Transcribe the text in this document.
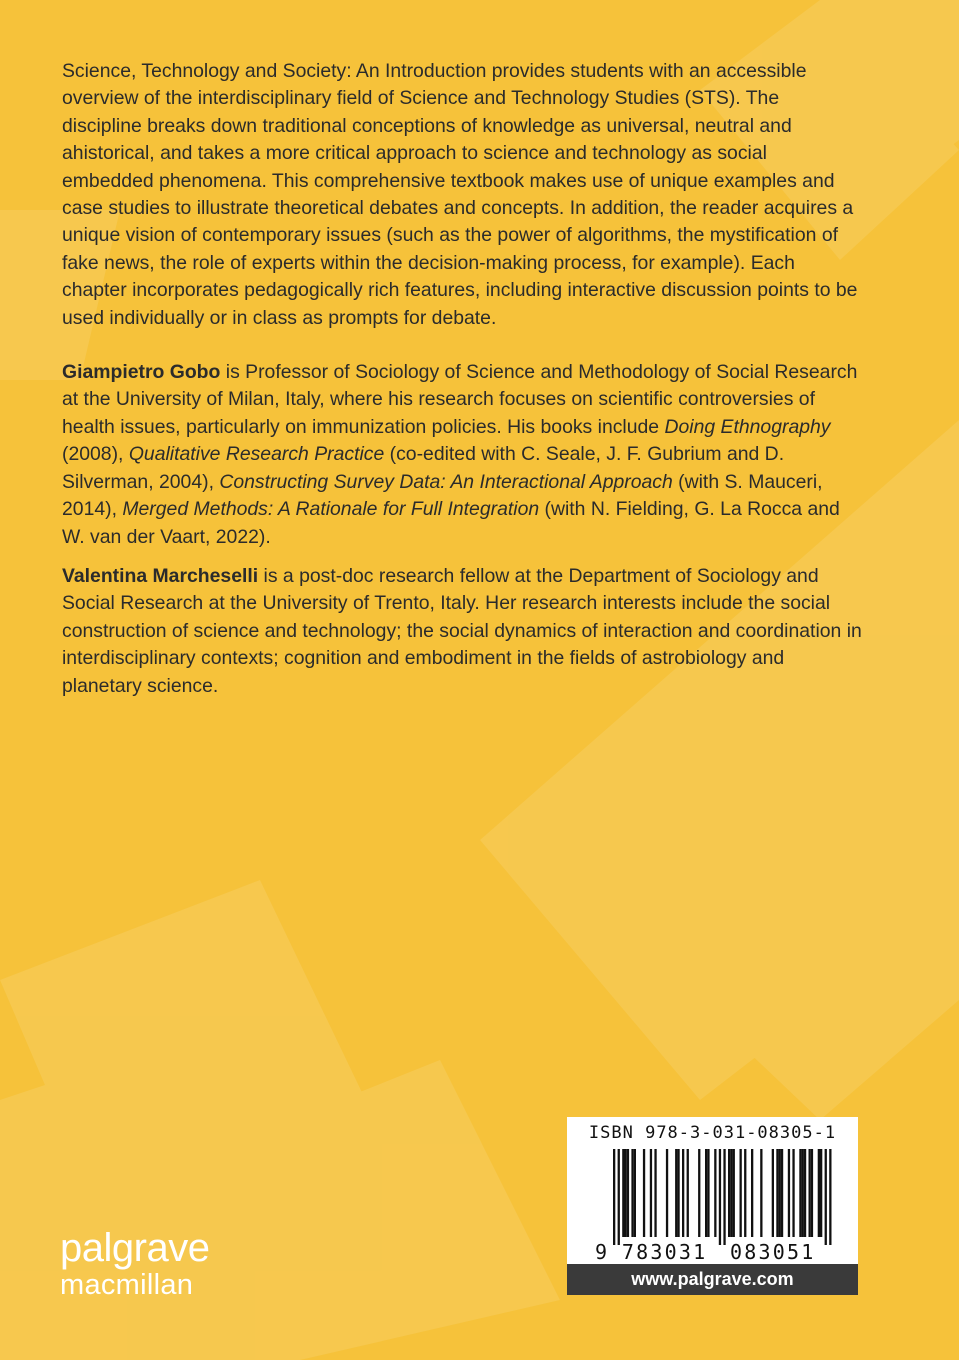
Science, Technology and Society: An Introduction provides students with an accessible overview of the interdisciplinary field of Science and Technology Studies (STS). The discipline breaks down traditional conceptions of knowledge as universal, neutral and ahistorical, and takes a more critical approach to science and technology as social embedded phenomena. This comprehensive textbook makes use of unique examples and case studies to illustrate theoretical debates and concepts. In addition, the reader acquires a unique vision of contemporary issues (such as the power of algorithms, the mystification of fake news, the role of experts within the decision-making process, for example). Each chapter incorporates pedagogically rich features, including interactive discussion points to be used individually or in class as prompts for debate.

Giampietro Gobo is Professor of Sociology of Science and Methodology of Social Research at the University of Milan, Italy, where his research focuses on scientific controversies of health issues, particularly on immunization policies. His books include Doing Ethnography (2008), Qualitative Research Practice (co-edited with C. Seale, J. F. Gubrium and D. Silverman, 2004), Constructing Survey Data: An Interactional Approach (with S. Mauceri, 2014), Merged Methods: A Rationale for Full Integration (with N. Fielding, G. La Rocca and W. van der Vaart, 2022).

Valentina Marcheselli is a post-doc research fellow at the Department of Sociology and Social Research at the University of Trento, Italy. Her research interests include the social construction of science and technology; the social dynamics of interaction and coordination in interdisciplinary contexts; cognition and embodiment in the fields of astrobiology and planetary science.

palgrave
macmillan
ISBN 978-3-031-08305-1
9 783031 083051
www.palgrave.com
